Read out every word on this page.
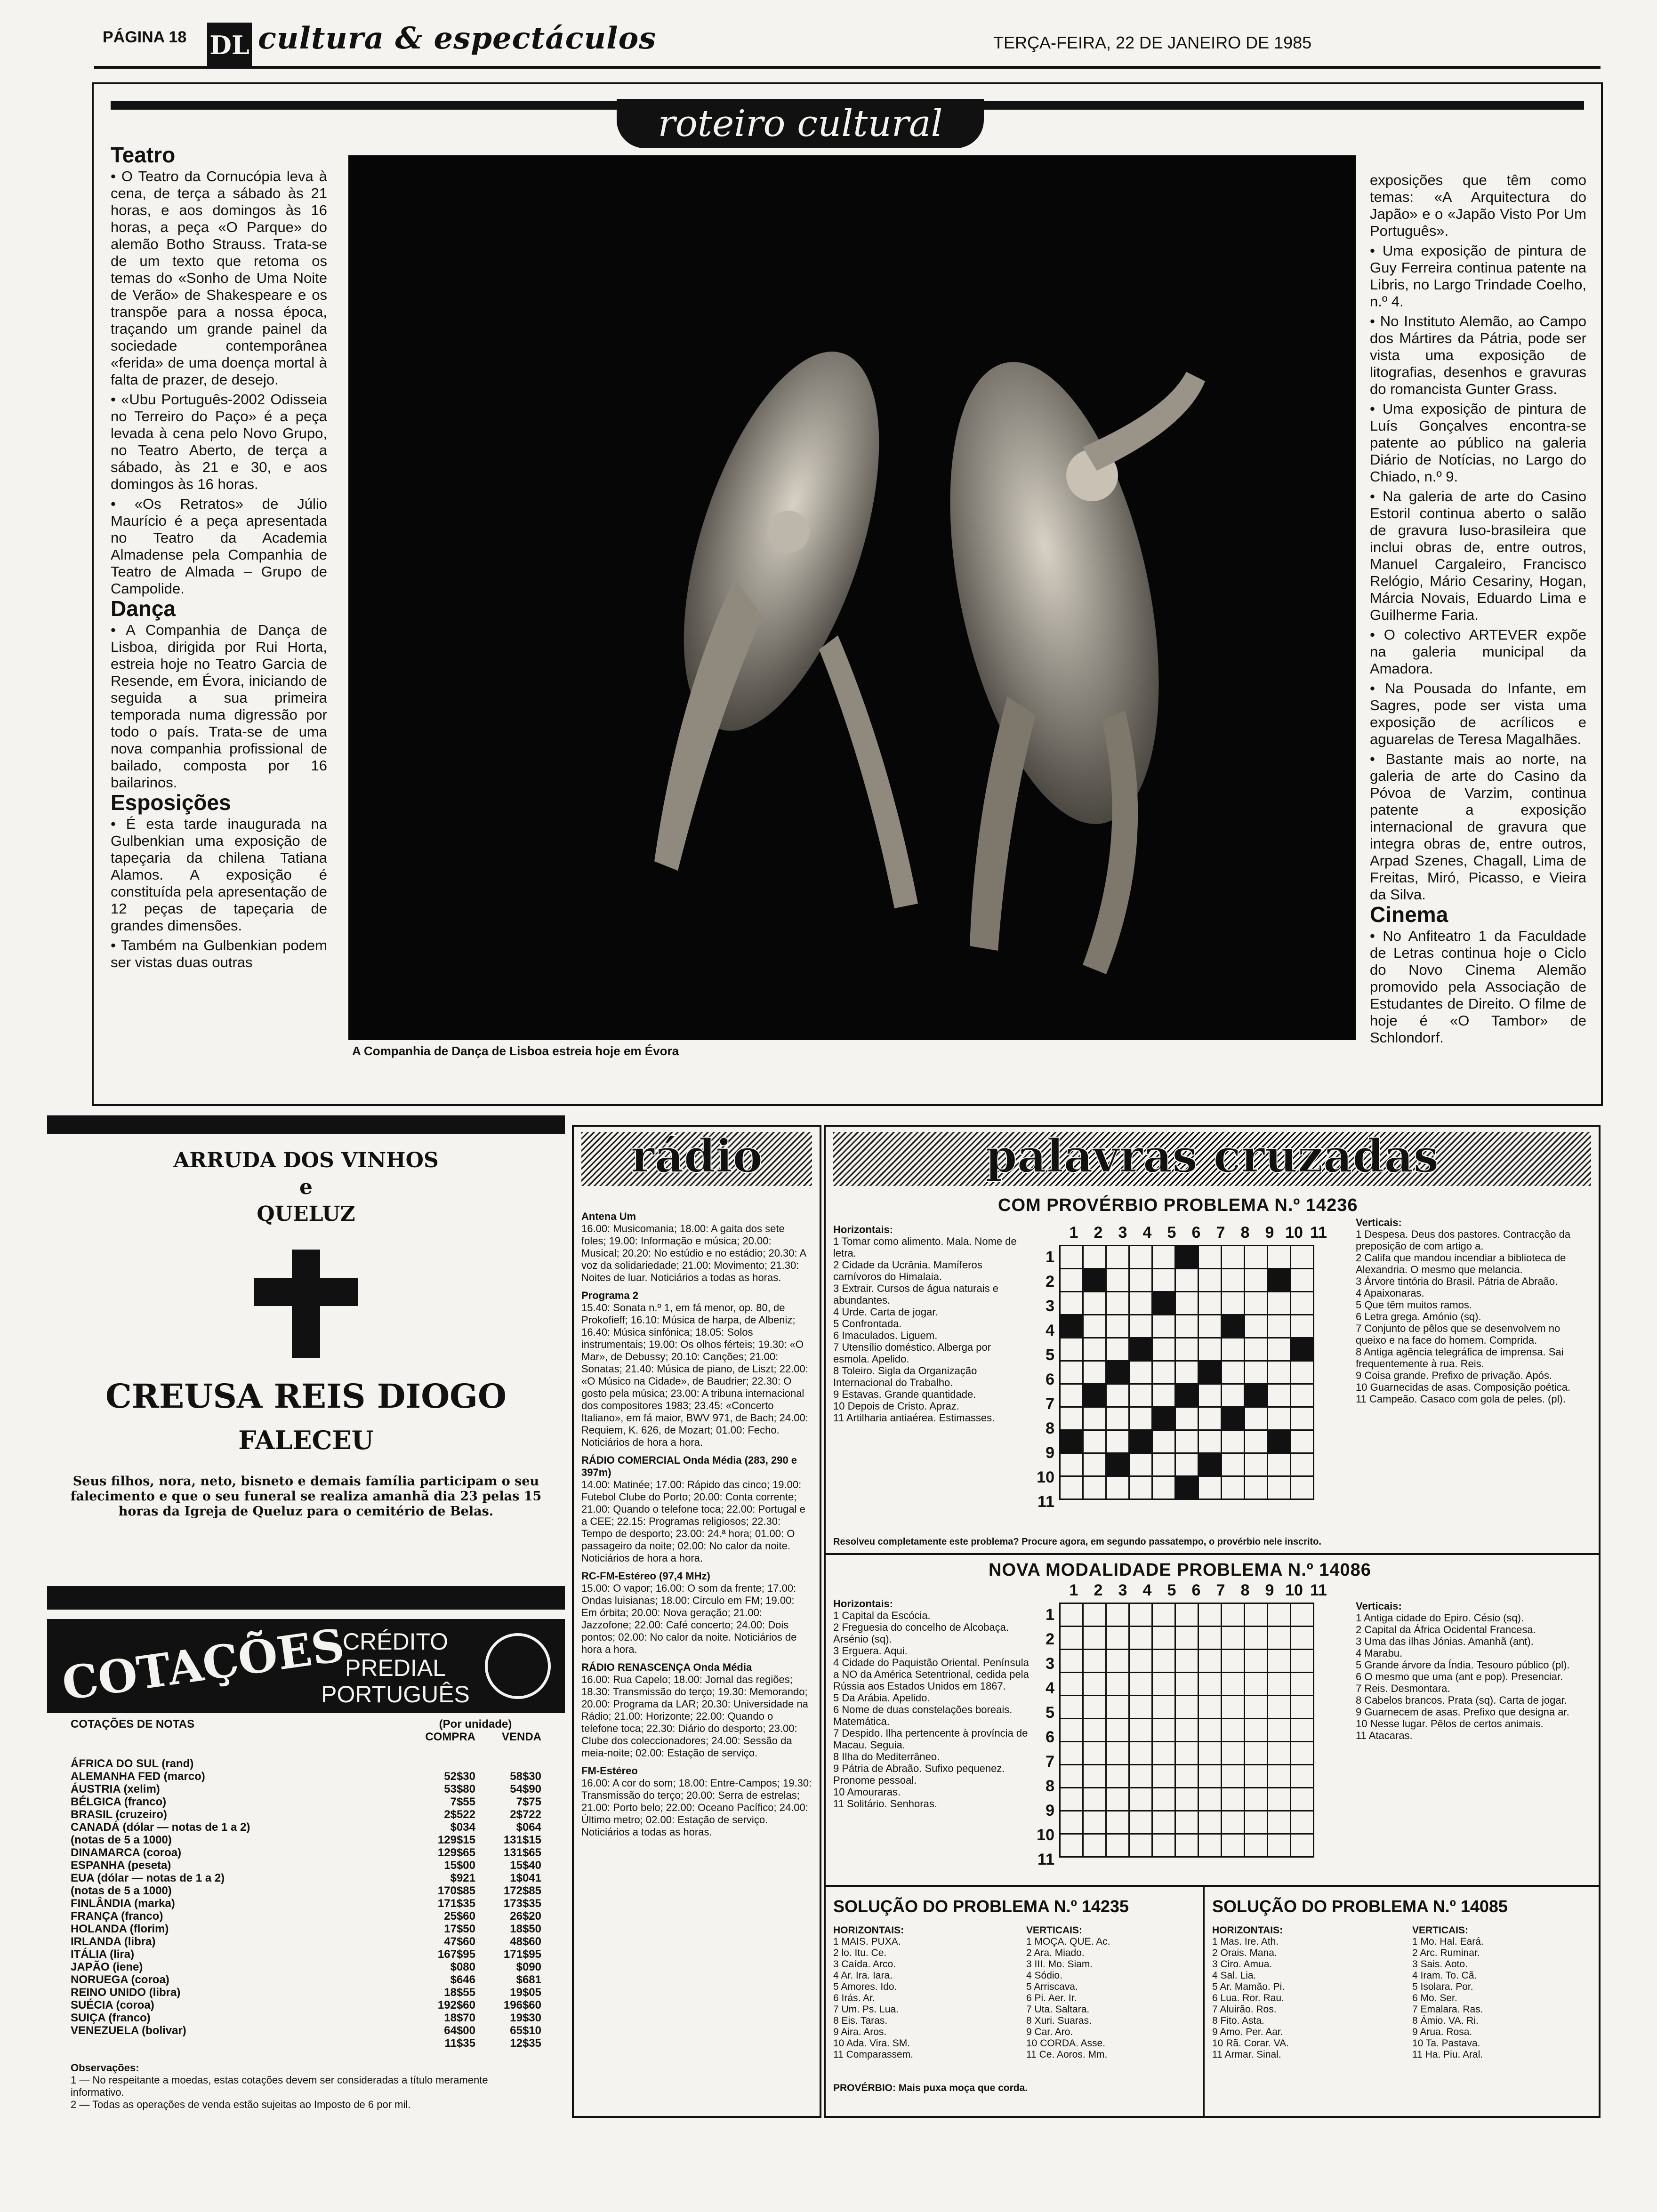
PÁGINA 18 DL cultura & espectáculos	TERÇA-FEIRA, 22 DE JANEIRO DE 1985
roteiro cultural
Teatro

• O Teatro da Cornucópia leva à cena, de terça a sábado às 21 horas, e aos domingos às 16 horas, a peça «O Parque» do alemão Botho Strauss. Trata-se de um texto que retoma os temas do «Sonho de Uma Noite de Verão» de Shakespeare e os transpõe para a nossa época, traçando um grande painel da sociedade contemporânea «ferida» de uma doença mortal à falta de prazer, de desejo.

• «Ubu Português-2002 Odisseia no Terreiro do Paço» é a peça levada à cena pelo Novo Grupo, no Teatro Aberto, de terça a sábado, às 21 e 30, e aos domingos às 16 horas.

• «Os Retratos» de Júlio Maurício é a peça apresentada no Teatro da Academia Almadense pela Companhia de Teatro de Almada – Grupo de Campolide.

Dança

• A Companhia de Dança de Lisboa, dirigida por Rui Horta, estreia hoje no Teatro Garcia de Resende, em Évora, iniciando de seguida a sua primeira temporada numa digressão por todo o país. Trata-se de uma nova companhia profissional de bailado, composta por 16 bailarinos.

Esposições

• É esta tarde inaugurada na Gulbenkian uma exposição de tapeçaria da chilena Tatiana Alamos. A exposição é constituída pela apresentação de 12 peças de tapeçaria de grandes dimensões.

• Também na Gulbenkian podem ser vistas duas outras

A Companhia de Dança de Lisboa estreia hoje em Évora

exposições que têm como temas: «A Arquitectura do Japão» e o «Japão Visto Por Um Português».

• Uma exposição de pintura de Guy Ferreira continua patente na Libris, no Largo Trindade Coelho, n.º 4.

• No Instituto Alemão, ao Campo dos Mártires da Pátria, pode ser vista uma exposição de litografias, desenhos e gravuras do romancista Gunter Grass.

• Uma exposição de pintura de Luís Gonçalves encontra-se patente ao público na galeria Diário de Notícias, no Largo do Chiado, n.º 9.

• Na galeria de arte do Casino Estoril continua aberto o salão de gravura luso-brasileira que inclui obras de, entre outros, Manuel Cargaleiro, Francisco Relógio, Mário Cesariny, Hogan, Márcia Novais, Eduardo Lima e Guilherme Faria.

• O colectivo ARTEVER expõe na galeria municipal da Amadora.

• Na Pousada do Infante, em Sagres, pode ser vista uma exposição de acrílicos e aguarelas de Teresa Magalhães.

• Bastante mais ao norte, na galeria de arte do Casino da Póvoa de Varzim, continua patente a exposição internacional de gravura que integra obras de, entre outros, Arpad Szenes, Chagall, Lima de Freitas, Miró, Picasso, e Vieira da Silva.

Cinema

• No Anfiteatro 1 da Faculdade de Letras continua hoje o Ciclo do Novo Cinema Alemão promovido pela Associação de Estudantes de Direito. O filme de hoje é «O Tambor» de Schlondorf.

ARRUDA DOS VINHOS
e
QUELUZ
CREUSA REIS DIOGO
FALECEU
Seus filhos, nora, neto, bisneto e demais família participam o seu falecimento e que o seu funeral se realiza amanhã dia 23 pelas 15 horas da Igreja de Queluz para o cemitério de Belas.
COTAÇÕES
CRÉDITO
PREDIAL
PORTUGUÊS
COTAÇÕES DE NOTAS	(Por unidade)
COMPRA	VENDA
ÁFRICA DO SUL (rand)
ALEMANHA FED (marco)	52$30	58$30
ÁUSTRIA (xelim)	53$80	54$90
BÉLGICA (franco)	7$55	7$75
BRASIL (cruzeiro)	2$522	2$722
CANADÁ (dólar — notas de 1 a 2)	$034	$064
(notas de 5 a 1000)	129$15	131$15
DINAMARCA (coroa)	129$65	131$65
ESPANHA (peseta)	15$00	15$40
EUA (dólar — notas de 1 a 2)	$921	1$041
(notas de 5 a 1000)	170$85	172$85
FINLÂNDIA (marka)	171$35	173$35
FRANÇA (franco)	25$60	26$20
HOLANDA (florim)	17$50	18$50
IRLANDA (libra)	47$60	48$60
ITÁLIA (lira)	167$95	171$95
JAPÃO (iene)	$080	$090
NORUEGA (coroa)	$646	$681
REINO UNIDO (libra)	18$55	19$05
SUÉCIA (coroa)	192$60	196$60
SUIÇA (franco)	18$70	19$30
VENEZUELA (bolivar)	64$00	65$10
11$35	12$35
Observações:
1 — No respeitante a moedas, estas cotações devem ser consideradas a título meramente informativo.
2 — Todas as operações de venda estão sujeitas ao Imposto de 6 por mil.
rádio
Antena Um
16.00: Musicomania; 18.00: A gaita dos sete foles; 19.00: Informação e música; 20.00: Musical; 20.20: No estúdio e no estádio; 20.30: A voz da solidariedade; 21.00: Movimento; 21.30: Noites de luar. Noticiários a todas as horas.
Programa 2
15.40: Sonata n.º 1, em fá menor, op. 80, de Prokofieff; 16.10: Música de harpa, de Albeniz; 16.40: Música sinfónica; 18.05: Solos instrumentais; 19.00: Os olhos férteis; 19.30: «O Mar», de Debussy; 20.10: Canções; 21.00: Sonatas; 21.40: Música de piano, de Liszt; 22.00: «O Músico na Cidade», de Baudrier; 22.30: O gosto pela música; 23.00: A tribuna internacional dos compositores 1983; 23.45: «Concerto Italiano», em fá maior, BWV 971, de Bach; 24.00: Requiem, K. 626, de Mozart; 01.00: Fecho. Noticiários de hora a hora.
RÁDIO COMERCIAL Onda Média (283, 290 e 397m)
14.00: Matinée; 17.00: Rápido das cinco; 19.00: Futebol Clube do Porto; 20.00: Conta corrente; 21.00: Quando o telefone toca; 22.00: Portugal e a CEE; 22.15: Programas religiosos; 22.30: Tempo de desporto; 23.00: 24.ª hora; 01.00: O passageiro da noite; 02.00: No calor da noite. Noticiários de hora a hora.
RC-FM-Estéreo (97,4 MHz)
15.00: O vapor; 16.00: O som da frente; 17.00: Ondas luisianas; 18.00: Circulo em FM; 19.00: Em órbita; 20.00: Nova geração; 21.00: Jazzofone; 22.00: Café concerto; 24.00: Dois pontos; 02.00: No calor da noite. Noticiários de hora a hora.
RÁDIO RENASCENÇA Onda Média
16.00: Rua Capelo; 18.00: Jornal das regiões; 18.30: Transmissão do terço; 19.30: Memorando; 20.00: Programa da LAR; 20.30: Universidade na Rádio; 21.00: Horizonte; 22.00: Quando o telefone toca; 22.30: Diário do desporto; 23.00: Clube dos coleccionadores; 24.00: Sessão da meia-noite; 02.00: Estação de serviço.
FM-Estéreo
16.00: A cor do som; 18.00: Entre-Campos; 19.30: Transmissão do terço; 20.00: Serra de estrelas; 21.00: Porto belo; 22.00: Oceano Pacífico; 24.00: Último metro; 02.00: Estação de serviço. Noticiários a todas as horas.
palavras cruzadas
COM PROVÉRBIO PROBLEMA N.º 14236
Horizontais:
1 Tomar como alimento. Mala. Nome de letra.
2 Cidade da Ucrânia. Mamíferos carnívoros do Himalaia.
3 Extrair. Cursos de água naturais e abundantes.
4 Urde. Carta de jogar.
5 Confrontada.
6 Imaculados. Liguem.
7 Utensílio doméstico. Alberga por esmola. Apelido.
8 Toleiro. Sigla da Organização Internacional do Trabalho.
9 Estavas. Grande quantidade.
10 Depois de Cristo. Apraz.
11 Artilharia antiaérea. Estimasses.
1 2 3 4 5 6 7 8 9 10 11
1
2
3
4
5
6
7
8
9
10
11

Verticais:
1 Despesa. Deus dos pastores. Contracção da preposição de com artigo a.
2 Califa que mandou incendiar a biblioteca de Alexandria. O mesmo que melancia.
3 Árvore tintória do Brasil. Pátria de Abraão.
4 Apaixonaras.
5 Que têm muitos ramos.
6 Letra grega. Amónio (sq).
7 Conjunto de pêlos que se desenvolvem no queixo e na face do homem. Comprida.
8 Antiga agência telegráfica de imprensa. Sai frequentemente à rua. Reis.
9 Coisa grande. Prefixo de privação. Após.
10 Guarnecidas de asas. Composição poética.
11 Campeão. Casaco com gola de peles. (pl).
Resolveu completamente este problema? Procure agora, em segundo passatempo, o provérbio nele inscrito.
NOVA MODALIDADE PROBLEMA N.º 14086
Horizontais:
1 Capital da Escócia.
2 Freguesia do concelho de Alcobaça. Arsénio (sq).
3 Erguera. Aqui.
4 Cidade do Paquistão Oriental. Península a NO da América Setentrional, cedida pela Rússia aos Estados Unidos em 1867.
5 Da Arábia. Apelido.
6 Nome de duas constelações boreais. Matemática.
7 Despido. Ilha pertencente à província de Macau. Seguia.
8 Ilha do Mediterrâneo.
9 Pátria de Abraão. Sufixo pequenez. Pronome pessoal.
10 Amouraras.
11 Solitário. Senhoras.
1 2 3 4 5 6 7 8 9 10 11
1
2
3
4
5
6
7
8
9
10
11

Verticais:
1 Antiga cidade do Epiro. Césio (sq).
2 Capital da África Ocidental Francesa.
3 Uma das ilhas Jónias. Amanhã (ant).
4 Marabu.
5 Grande árvore da Índia. Tesouro público (pl).
6 O mesmo que uma (ant e pop). Presenciar.
7 Reis. Desmontara.
8 Cabelos brancos. Prata (sq). Carta de jogar.
9 Guarnecem de asas. Prefixo que designa ar.
10 Nesse lugar. Pêlos de certos animais.
11 Atacaras.
SOLUÇÃO DO PROBLEMA N.º 14235
HORIZONTAIS:
1 MAIS. PUXA.
2 lo. Itu. Ce.
3 Caída. Arco.
4 Ar. Ira. Iara.
5 Amores. Ido.
6 Irás. Ar.
7 Um. Ps. Lua.
8 Eis. Taras.
9 Aira. Aros.
10 Ada. Vira. SM.
11 Comparassem.
VERTICAIS:
1 MOÇA. QUE. Ac.
2 Ara. Miado.
3 III. Mo. Siam.
4 Sódio.
5 Arriscava.
6 Pi. Aer. Ir.
7 Uta. Saltara.
8 Xuri. Suaras.
9 Car. Aro.
10 CORDA. Asse.
11 Ce. Aoros. Mm.
PROVÉRBIO: Mais puxa moça que corda.
SOLUÇÃO DO PROBLEMA N.º 14085
HORIZONTAIS:
1 Mas. Ire. Ath.
2 Orais. Mana.
3 Ciro. Amua.
4 Sal. Lia.
5 Ar. Mamão. Pi.
6 Lua. Ror. Rau.
7 Aluirão. Ros.
8 Fito. Asta.
9 Amo. Per. Aar.
10 Rã. Corar. VA.
11 Armar. Sinal.
VERTICAIS:
1 Mo. Hal. Eará.
2 Arc. Ruminar.
3 Sais. Aoto.
4 Iram. To. Cã.
5 Isolara. Por.
6 Mo. Ser.
7 Emalara. Ras.
8 Ámio. VA. Ri.
9 Arua. Rosa.
10 Ta. Pastava.
11 Ha. Piu. Aral.
